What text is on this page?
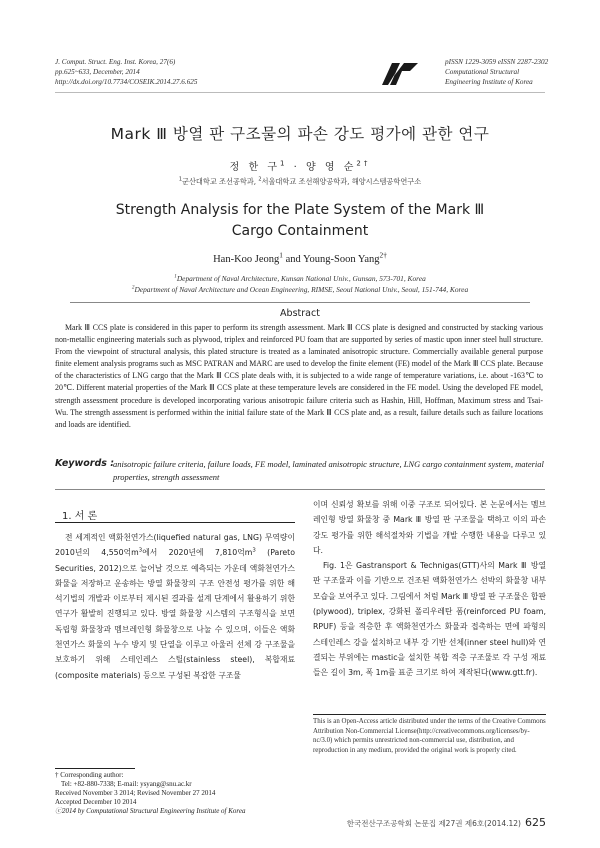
J. Comput. Struct. Eng. Inst. Korea, 27(6)
pp.625~633, December, 2014
http://dx.doi.org/10.7734/COSEIK.2014.27.6.625
pISSN 1229-3059 eISSN 2287-2302
Computational Structural
Engineering Institute of Korea
Mark Ⅲ 방열 판 구조물의 파손 강도 평가에 관한 연구
정 한 구$^1$ · 양 영 순$^{2\dagger}$
$^1$군산대학교 조선공학과, $^2$서울대학교 조선해양공학과, 해양시스템공학연구소
Strength Analysis for the Plate System of the Mark Ⅲ
Cargo Containment
Han-Koo Jeong$^1$ and Young-Soon Yang$^{2\dagger}$
$^1$Department of Naval Architecture, Kunsan National Univ., Gunsan, 573-701, Korea
$^2$Department of Naval Architecture and Ocean Engineering, RIMSE, Seoul National Univ., Seoul, 151-744, Korea
Abstract
Mark Ⅲ CCS plate is considered in this paper to perform its strength assessment. Mark Ⅲ CCS plate is designed and constructed by stacking various non-metallic engineering materials such as plywood, triplex and reinforced PU foam that are supported by series of mastic upon inner steel hull structure. From the viewpoint of structural analysis, this plated structure is treated as a laminated anisotropic structure. Commercially available general purpose finite element analysis programs such as MSC PATRAN and MARC are used to develop the finite element (FE) model of the Mark Ⅲ CCS plate. Because of the characteristics of LNG cargo that the Mark Ⅲ CCS plate deals with, it is subjected to a wide range of temperature variations, i.e. about -163℃ to 20℃. Different material properties of the Mark Ⅲ CCS plate at these temperature levels are considered in the FE model. Using the developed FE model, strength assessment procedure is developed incorporating various anisotropic failure criteria such as Hashin, Hill, Hoffman, Maximum stress and Tsai-Wu. The strength assessment is performed within the initial failure state of the Mark Ⅲ CCS plate and, as a result, failure details such as failure locations and loads are identified.
Keywords :
anisotropic failure criteria, failure loads, FE model, laminated anisotropic structure, LNG cargo containment system, material properties, strength assessment
1. 서 론
전 세계적인 액화천연가스(liquefied natural gas, LNG) 무역량이 2010년의 4,550억$m^3$에서 2020년에 7,810억$m^3$ (Pareto Securities, 2012)으로 늘어날 것으로 예측되는 가운데 액화천연가스 화물을 저장하고 운송하는 방열 화물창의 구조 안전성 평가를 위한 해석기법의 개발과 이로부터 제시된 결과를 설계 단계에서 활용하기 위한 연구가 활발히 진행되고 있다. 방열 화물창 시스템의 구조형식을 보면 독립형 화물창과 멤브레인형 화물창으로 나눌 수 있으며, 이들은 액화천연가스 화물의 누수 방지 및 단열을 이루고 아울러 선체 강 구조물을 보호하기 위해 스테인레스 스틸(stainless steel), 복합재료(composite materials) 등으로 구성된 복잡한 구조물

이며 신뢰성 확보를 위해 이중 구조로 되어있다. 본 논문에서는 멤브레인형 방열 화물창 중 Mark Ⅲ 방열 판 구조물을 택하고 이의 파손 강도 평가를 위한 해석절차와 기법을 개발 수행한 내용을 다루고 있다.

Fig. 1은 Gastransport & Technigas(GTT)사의 Mark Ⅲ 방열 판 구조물과 이를 기반으로 건조된 액화천연가스 선박의 화물창 내부 모습을 보여주고 있다. 그림에서 처럼 Mark Ⅲ 방열 판 구조물은 합판(plywood), triplex, 강화된 폴리우레탄 폼(reinforced PU foam, RPUF) 등을 적층한 후 액화천연가스 화물과 접촉하는 면에 파형의 스테인레스 강을 설치하고 내부 강 기반 선체(inner steel hull)와 연결되는 부위에는 mastic을 설치한 복합 적층 구조물로 각 구성 재료들은 길이 3m, 폭 1m를 표준 크기로 하여 제작된다(www.gtt.fr).

† Corresponding author:
Tel: +82-880-7338; E-mail: ysyang@snu.ac.kr
Received November 3 2014; Revised November 27 2014
Accepted December 10 2014
ⓒ2014 by Computational Structural Engineering Institute of Korea
This is an Open-Access article distributed under the terms of the Creative Commons Attribution Non-Commercial License(http://creativecommons.org/licenses/by-nc/3.0) which permits unrestricted non-commercial use, distribution, and reproduction in any medium, provided the original work is properly cited.
한국전산구조공학회 논문집 제27권 제6호(2014.12) 625
